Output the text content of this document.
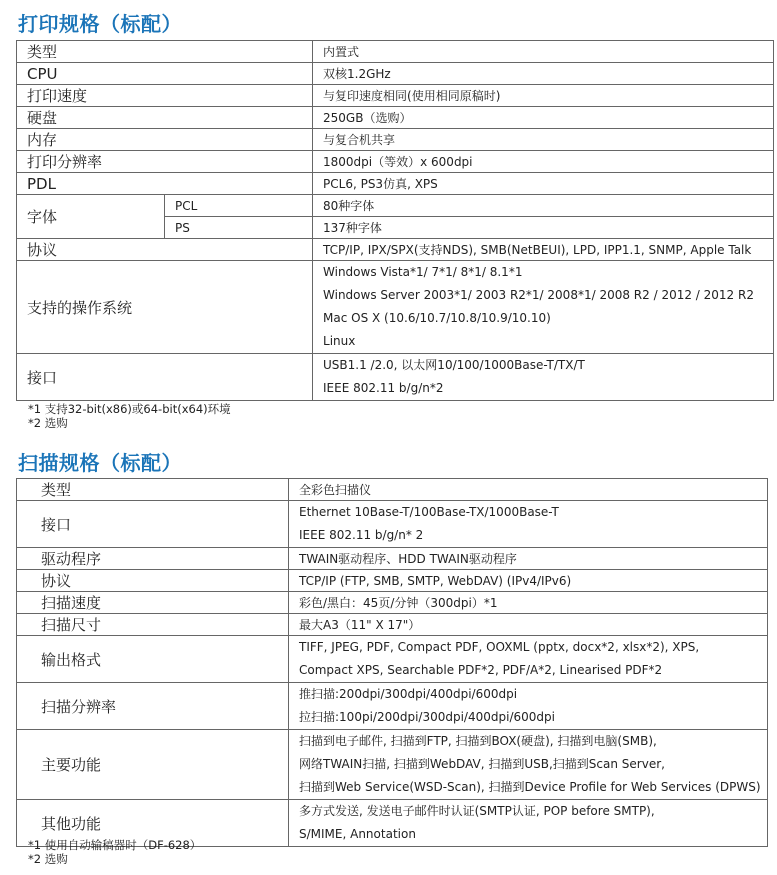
打印规格（标配）
类型		内置式
CPU		双核1.2GHz
打印速度		与复印速度相同(使用相同原稿时)
硬盘		250GB（选购）
内存		与复合机共享
打印分辨率		1800dpi（等效）x 600dpi
PDL		PCL6, PS3仿真, XPS
字体	PCL	80种字体
	PS	137种字体
协议		TCP/IP, IPX/SPX(支持NDS), SMB(NetBEUI), LPD, IPP1.1, SNMP, Apple Talk
支持的操作系统		Windows Vista*1/ 7*1/ 8*1/ 8.1*1
Windows Server 2003*1/ 2003 R2*1/ 2008*1/ 2008 R2 / 2012 / 2012 R2
Mac OS X (10.6/10.7/10.8/10.9/10.10)
Linux

接口		USB1.1 /2.0, 以太网10/100/1000Base-T/TX/T
IEEE 802.11 b/g/n*2
*1 支持32-bit(x86)或64-bit(x64)环境
*2 选购
扫描规格（标配）
类型	全彩色扫描仪
接口	Ethernet 10Base-T/100Base-TX/1000Base-T
IEEE 802.11 b/g/n* 2

驱动程序	TWAIN驱动程序、HDD TWAIN驱动程序
协议	TCP/IP (FTP, SMB, SMTP, WebDAV) (IPv4/IPv6)
扫描速度	彩色/黑白：45页/分钟（300dpi）*1
扫描尺寸	最大A3（11" X 17"）
输出格式	TIFF, JPEG, PDF, Compact PDF, OOXML (pptx, docx*2, xlsx*2), XPS,
Compact XPS, Searchable PDF*2, PDF/A*2, Linearised PDF*2

扫描分辨率	推扫描:200dpi/300dpi/400dpi/600dpi
拉扫描:100pi/200dpi/300dpi/400dpi/600dpi

主要功能	扫描到电子邮件, 扫描到FTP, 扫描到BOX(硬盘), 扫描到电脑(SMB),
网络TWAIN扫描, 扫描到WebDAV, 扫描到USB,扫描到Scan Server,
扫描到Web Service(WSD-Scan), 扫描到Device Profile for Web Services (DPWS)

其他功能	多方式发送, 发送电子邮件时认证(SMTP认证, POP before SMTP),
S/MIME, Annotation
*1 使用自动输稿器时（DF-628）
*2 选购
